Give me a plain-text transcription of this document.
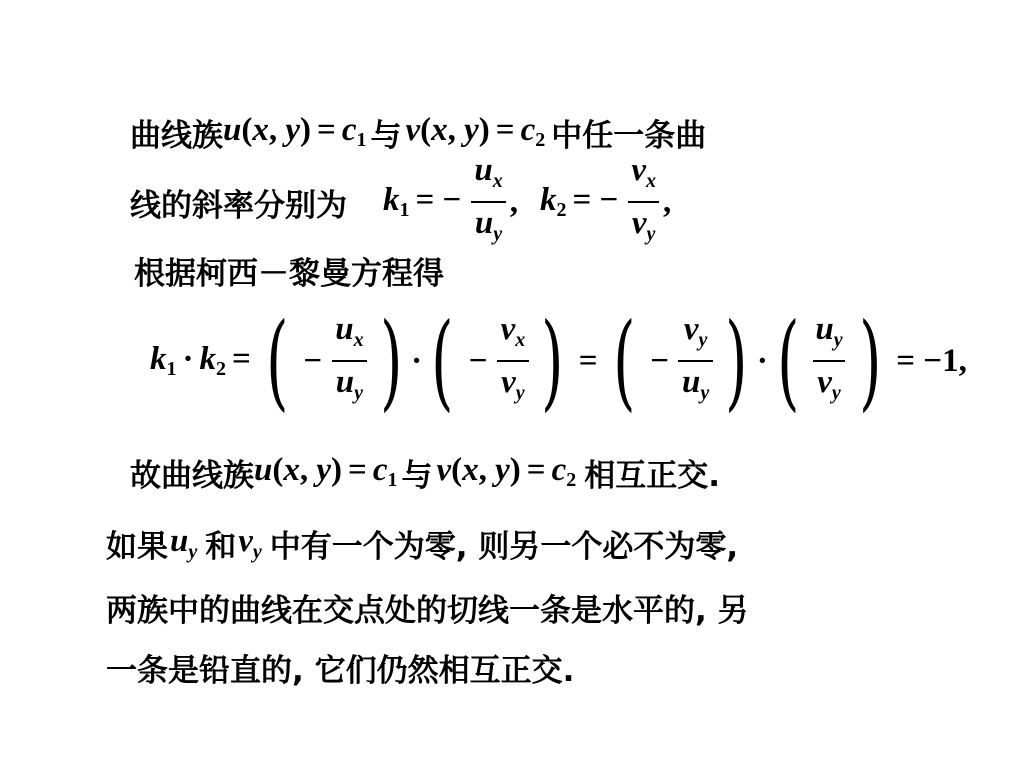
曲线族 u(x, $y) = c_1$ 与 v(x, $y) = c_2$ 中任一条曲
线的斜率分别为 $k_1$ = − $\frac{u_x}{u_y}$ , $k_2$ = − $\frac{v_x}{v_y}$ ,
根据柯西－黎曼方程得
$k_1 \cdot k_2$ = ( − $\frac{u_x}{u_y}$ ) · ( − $\frac{v_x}{v_y}$ ) = ( − $\frac{v_y}{u_y}$ ) · ( $\frac{u_y}{v_y}$ ) = −1,
故曲线族 u(x, $y) = c_1$ 与 v(x, $y) = c_2$ 相互正交.
如果 $u_y$ 和 $v_y$ 中有一个为零, 则另一个必不为零,
两族中的曲线在交点处的切线一条是水平的, 另
一条是铅直的, 它们仍然相互正交.
